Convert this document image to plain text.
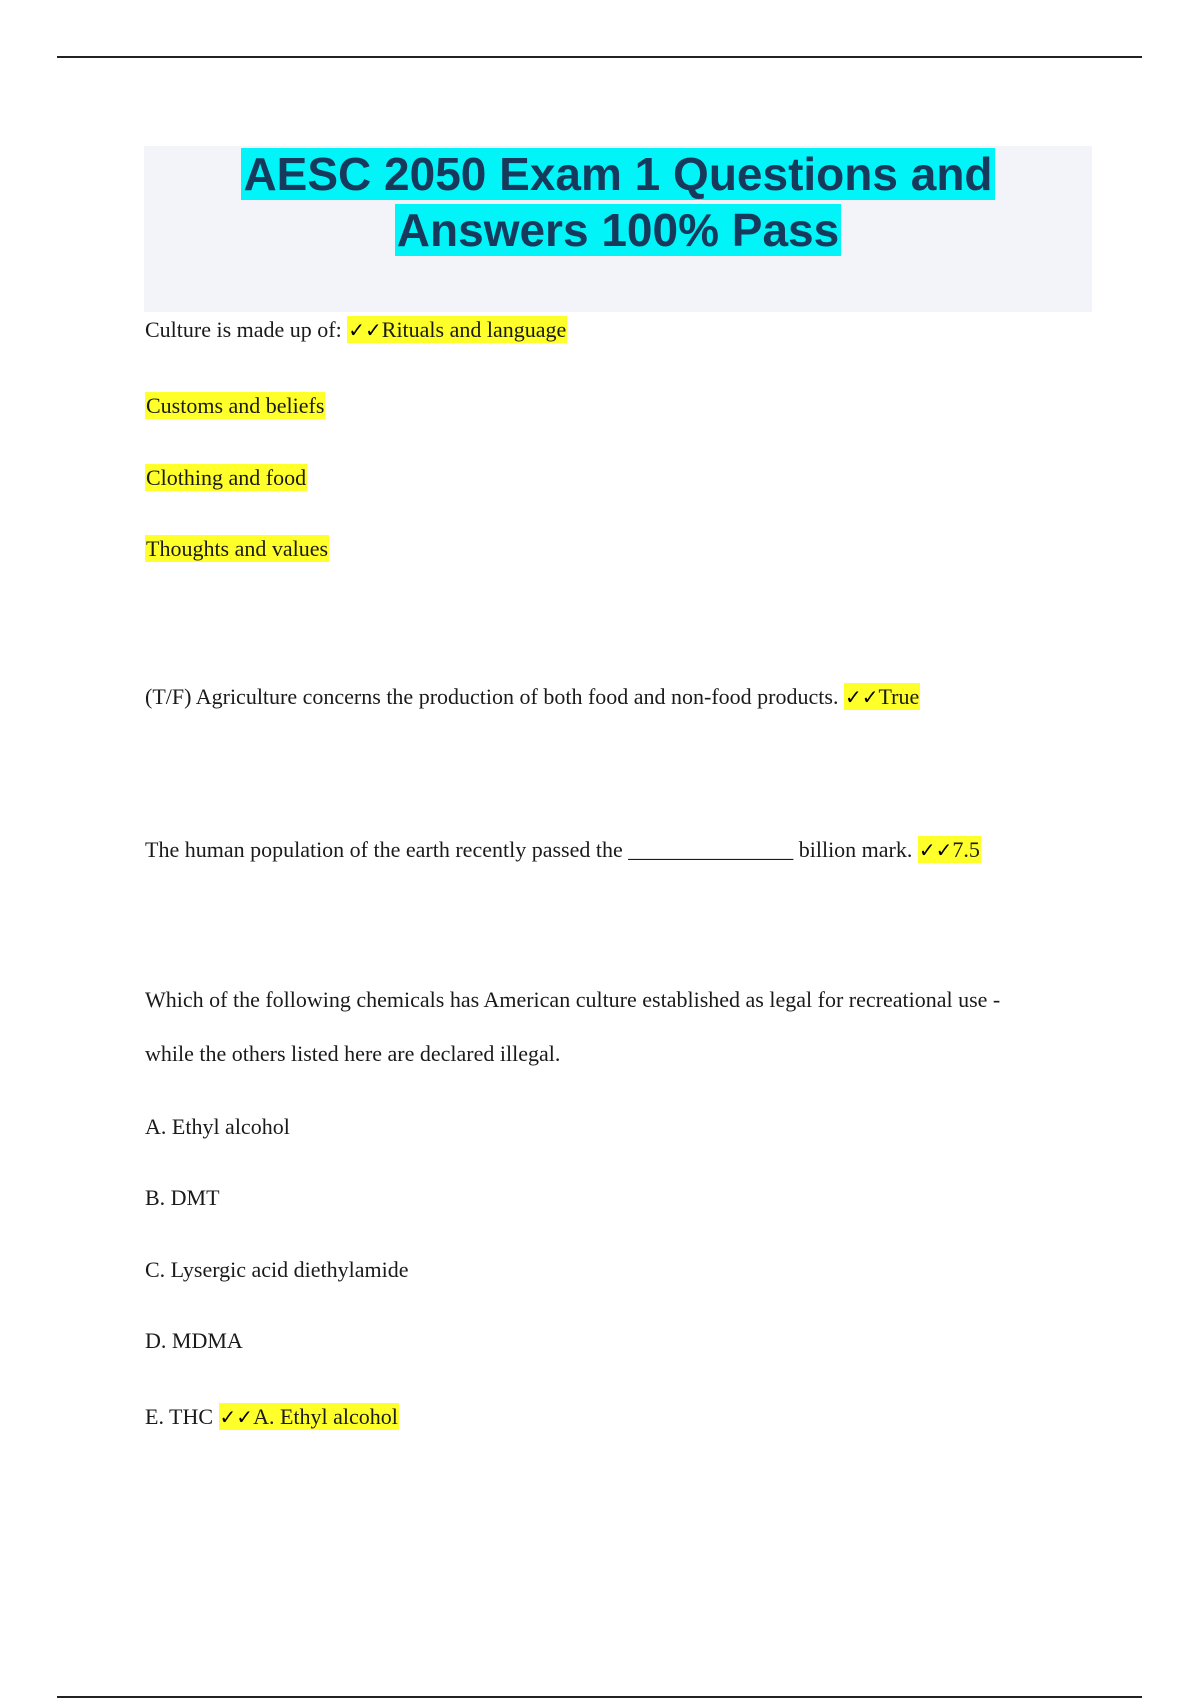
AESC 2050 Exam 1 Questions and
Answers 100% Pass
Culture is made up of: ✓✓Rituals and language
Customs and beliefs
Clothing and food
Thoughts and values
(T/F) Agriculture concerns the production of both food and non-food products. ✓✓True
The human population of the earth recently passed the _______________ billion mark. ✓✓7.5
Which of the following chemicals has American culture established as legal for recreational use -
while the others listed here are declared illegal.
A. Ethyl alcohol
B. DMT
C. Lysergic acid diethylamide
D. MDMA
E. THC ✓✓A. Ethyl alcohol
